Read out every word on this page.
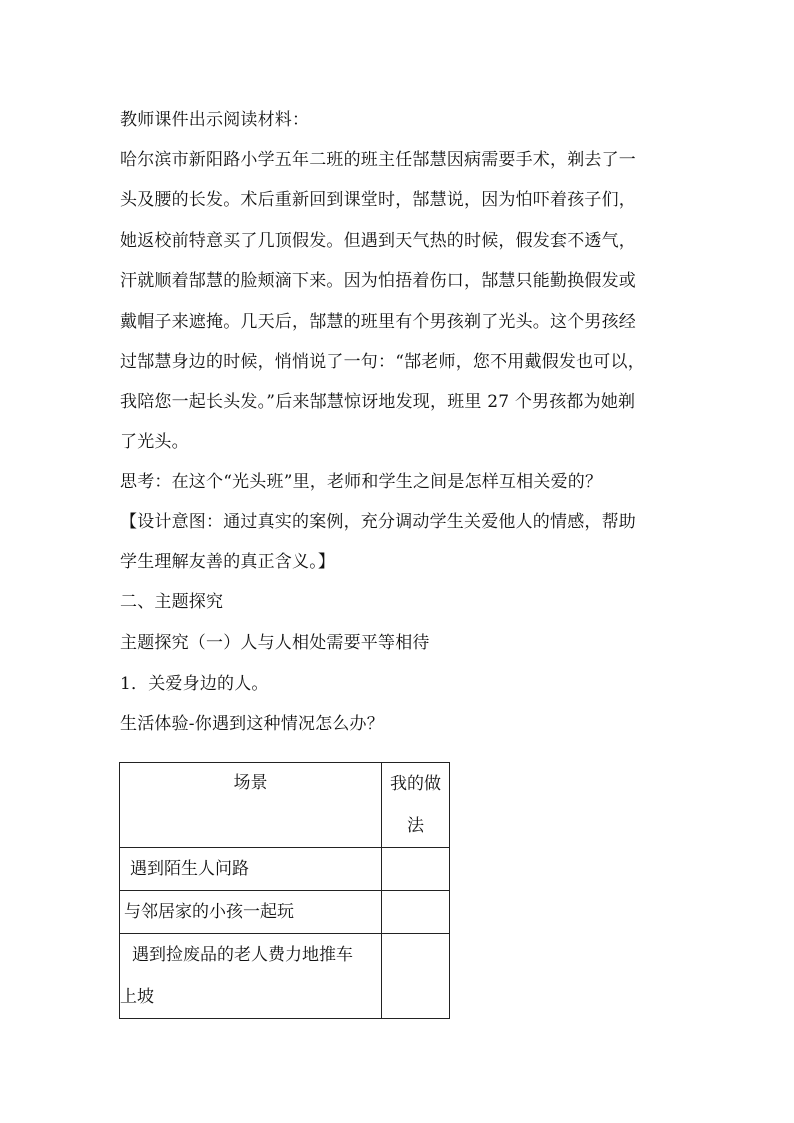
教师课件出示阅读材料：
哈尔滨市新阳路小学五年二班的班主任郜慧因病需要手术，剃去了一
头及腰的长发。术后重新回到课堂时，郜慧说，因为怕吓着孩子们，
她返校前特意买了几顶假发。但遇到天气热的时候，假发套不透气，
汗就顺着郜慧的脸颊滴下来。因为怕捂着伤口，郜慧只能勤换假发或
戴帽子来遮掩。几天后，郜慧的班里有个男孩剃了光头。这个男孩经
过郜慧身边的时候，悄悄说了一句：“郜老师，您不用戴假发也可以，
我陪您一起长头发。”后来郜慧惊讶地发现，班里 27 个男孩都为她剃
了光头。
思考：在这个“光头班”里，老师和学生之间是怎样互相关爱的？
【设计意图：通过真实的案例，充分调动学生关爱他人的情感，帮助
学生理解友善的真正含义。】
二、主题探究
主题探究（一）人与人相处需要平等相待
1．关爱身边的人。
生活体验-你遇到这种情况怎么办？
场景	我的做
法

遇到陌生人问路	

与邻居家的小孩一起玩	

遇到捡废品的老人费力地推车
上坡	
